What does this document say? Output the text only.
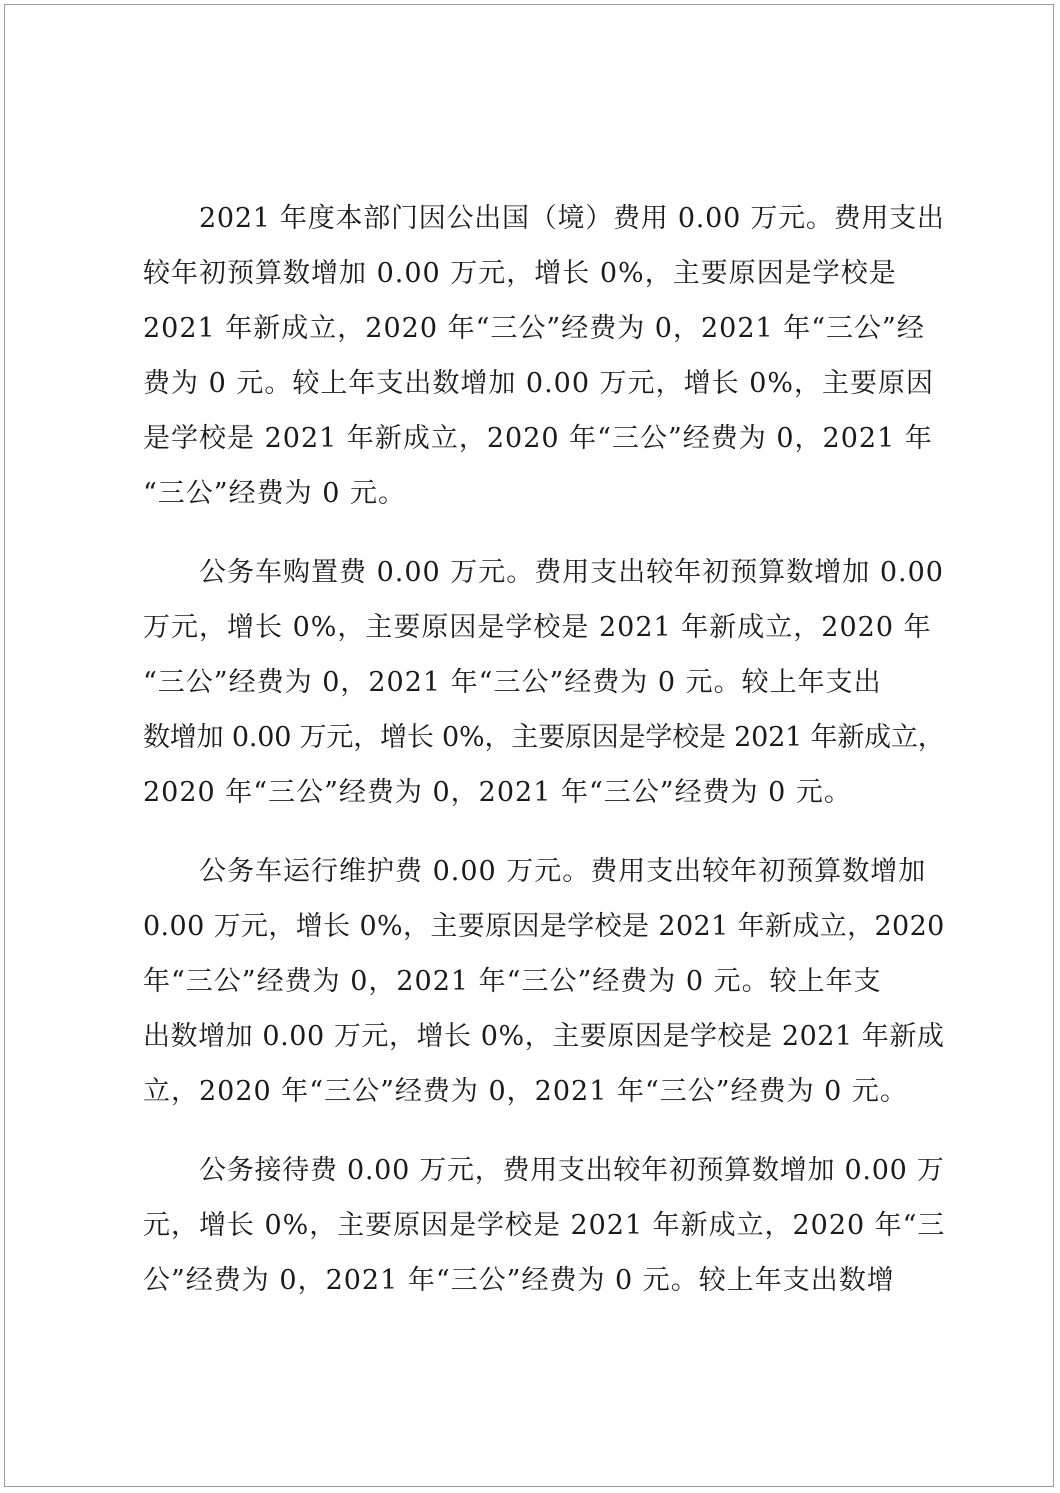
2021 年度本部门因公出国（境）费用 0.00 万元。费用支出
较年初预算数增加 0.00 万元，增长 0%，主要原因是学校是
2021 年新成立，2020 年“三公”经费为 0，2021 年“三公”经
费为 0 元。较上年支出数增加 0.00 万元，增长 0%，主要原因
是学校是 2021 年新成立，2020 年“三公”经费为 0，2021 年
“三公”经费为 0 元。
公务车购置费 0.00 万元。费用支出较年初预算数增加 0.00
万元，增长 0%，主要原因是学校是 2021 年新成立，2020 年
“三公”经费为 0，2021 年“三公”经费为 0 元。较上年支出
数增加 0.00 万元，增长 0%，主要原因是学校是 2021 年新成立，
2020 年“三公”经费为 0，2021 年“三公”经费为 0 元。
公务车运行维护费 0.00 万元。费用支出较年初预算数增加
0.00 万元，增长 0%，主要原因是学校是 2021 年新成立，2020
年“三公”经费为 0，2021 年“三公”经费为 0 元。较上年支
出数增加 0.00 万元，增长 0%，主要原因是学校是 2021 年新成
立，2020 年“三公”经费为 0，2021 年“三公”经费为 0 元。
公务接待费 0.00 万元，费用支出较年初预算数增加 0.00 万
元，增长 0%，主要原因是学校是 2021 年新成立，2020 年“三
公”经费为 0，2021 年“三公”经费为 0 元。较上年支出数增
